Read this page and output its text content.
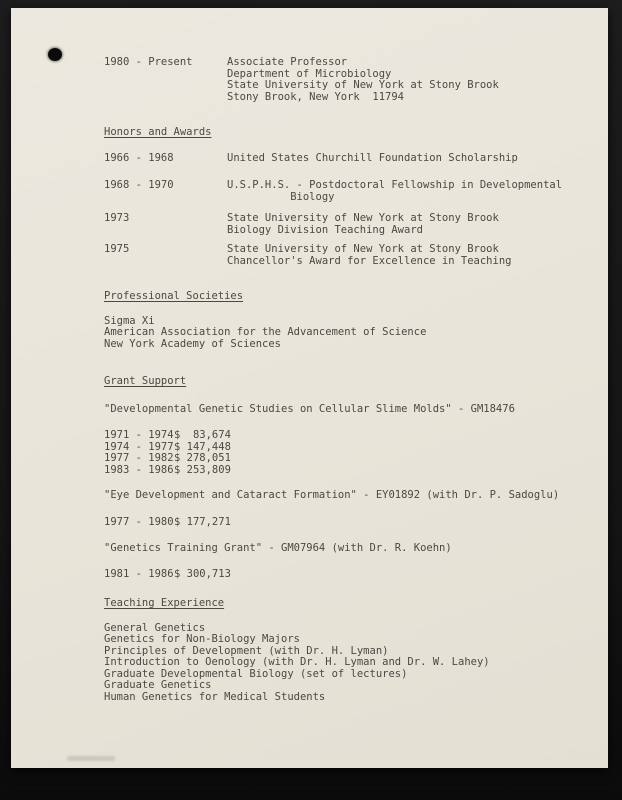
1980 - Present	Associate Professor
Department of Microbiology
State University of New York at Stony Brook
Stony Brook, New York  11794
Honors and Awards
1966 - 1968	United States Churchill Foundation Scholarship
1968 - 1970	U.S.P.H.S. - Postdoctoral Fellowship in Developmental
Biology
1973	State University of New York at Stony Brook
Biology Division Teaching Award
1975	State University of New York at Stony Brook
Chancellor's Award for Excellence in Teaching
Professional Societies
Sigma Xi
American Association for the Advancement of Science
New York Academy of Sciences
Grant Support
"Developmental Genetic Studies on Cellular Slime Molds" - GM18476
1971 - 1974 $  83,674
1974 - 1977 $ 147,448
1977 - 1982 $ 278,051
1983 - 1986 $ 253,809
"Eye Development and Cataract Formation" - EY01892 (with Dr. P. Sadoglu)
1977 - 1980 $ 177,271
"Genetics Training Grant" - GM07964 (with Dr. R. Koehn)
1981 - 1986 $ 300,713
Teaching Experience
General Genetics
Genetics for Non-Biology Majors
Principles of Development (with Dr. H. Lyman)
Introduction to Oenology (with Dr. H. Lyman and Dr. W. Lahey)
Graduate Developmental Biology (set of lectures)
Graduate Genetics
Human Genetics for Medical Students
